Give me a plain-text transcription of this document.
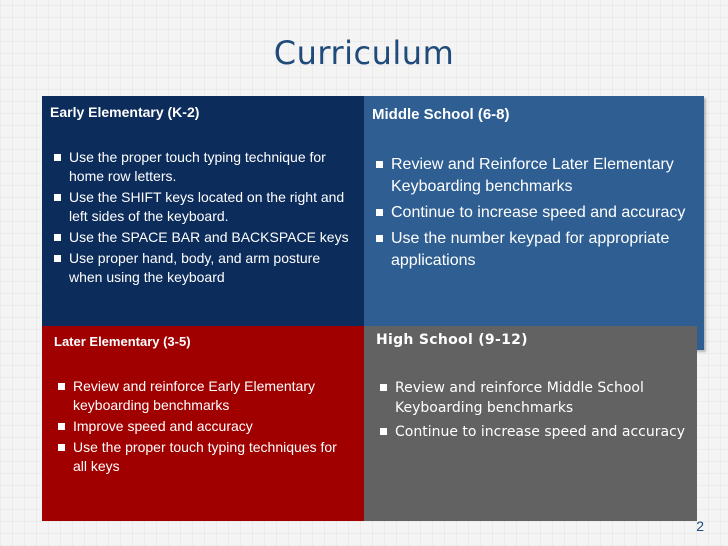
Curriculum
Early Elementary (K-2)
Use the proper touch typing technique for home row letters.
Use the SHIFT keys located on the right and left sides of the keyboard.
Use the SPACE BAR and BACKSPACE keys
Use proper hand, body, and arm posture when using the keyboard
Middle School (6-8)
Review and Reinforce Later Elementary Keyboarding benchmarks
Continue to increase speed and accuracy
Use the number keypad for appropriate applications
Later Elementary (3-5)
Review and reinforce Early Elementary keyboarding benchmarks
Improve speed and accuracy
Use the proper touch typing techniques for all keys
High School (9-12)
Review and reinforce Middle School Keyboarding benchmarks
Continue to increase speed and accuracy
2
